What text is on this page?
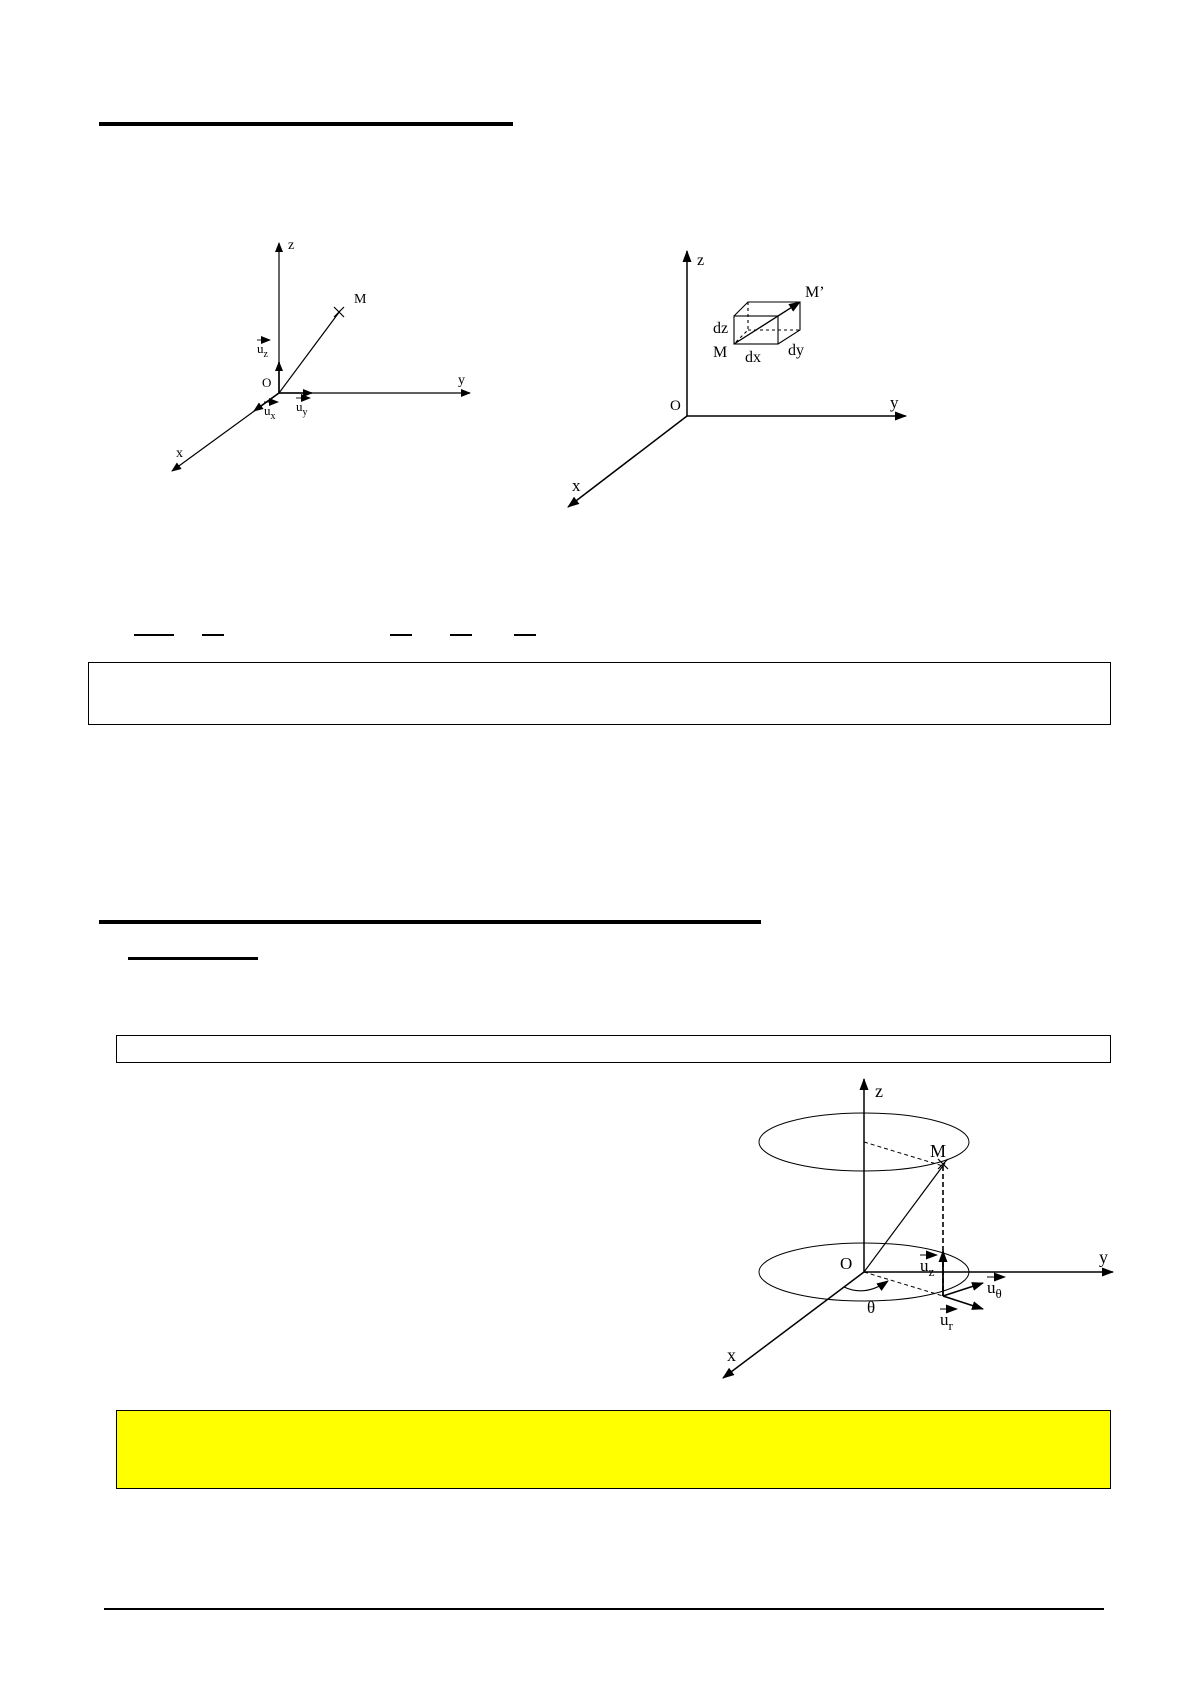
z
y
x
O
M
$u_z$
$u_x$
$u_y$
z
y
x
O
M
M’
dz
dx dy
z
y
x
O
M
θ
$u_z$
$u_\theta$
$u_r$
